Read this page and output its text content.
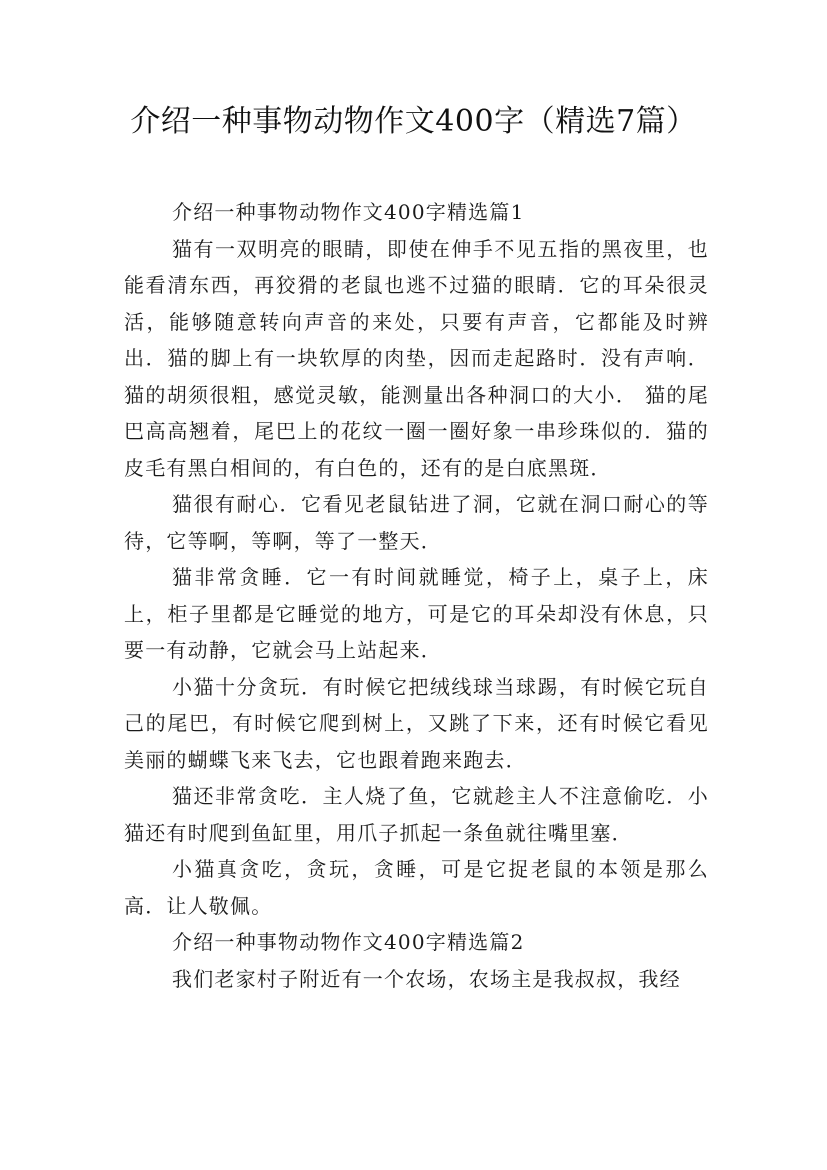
介绍一种事物动物作文400字（精选7篇）
介绍一种事物动物作文400字精选篇1

猫有一双明亮的眼睛，即使在伸手不见五指的黑夜里，也能看清东西，再狡猾的老鼠也逃不过猫的眼睛．它的耳朵很灵活，能够随意转向声音的来处，只要有声音，它都能及时辨出．猫的脚上有一块软厚的肉垫，因而走起路时．没有声响．猫的胡须很粗，感觉灵敏，能测量出各种洞口的大小． 猫的尾巴高高翘着，尾巴上的花纹一圈一圈好象一串珍珠似的．猫的皮毛有黑白相间的，有白色的，还有的是白底黑斑．

猫很有耐心．它看见老鼠钻进了洞，它就在洞口耐心的等待，它等啊，等啊，等了一整天．

猫非常贪睡．它一有时间就睡觉，椅子上，桌子上，床上，柜子里都是它睡觉的地方，可是它的耳朵却没有休息，只要一有动静，它就会马上站起来．

小猫十分贪玩．有时候它把绒线球当球踢，有时候它玩自己的尾巴，有时候它爬到树上，又跳了下来，还有时候它看见美丽的蝴蝶飞来飞去，它也跟着跑来跑去．

猫还非常贪吃．主人烧了鱼，它就趁主人不注意偷吃．小猫还有时爬到鱼缸里，用爪子抓起一条鱼就往嘴里塞．

小猫真贪吃，贪玩，贪睡，可是它捉老鼠的本领是那么高．让人敬佩。

介绍一种事物动物作文400字精选篇2

我们老家村子附近有一个农场，农场主是我叔叔，我经
